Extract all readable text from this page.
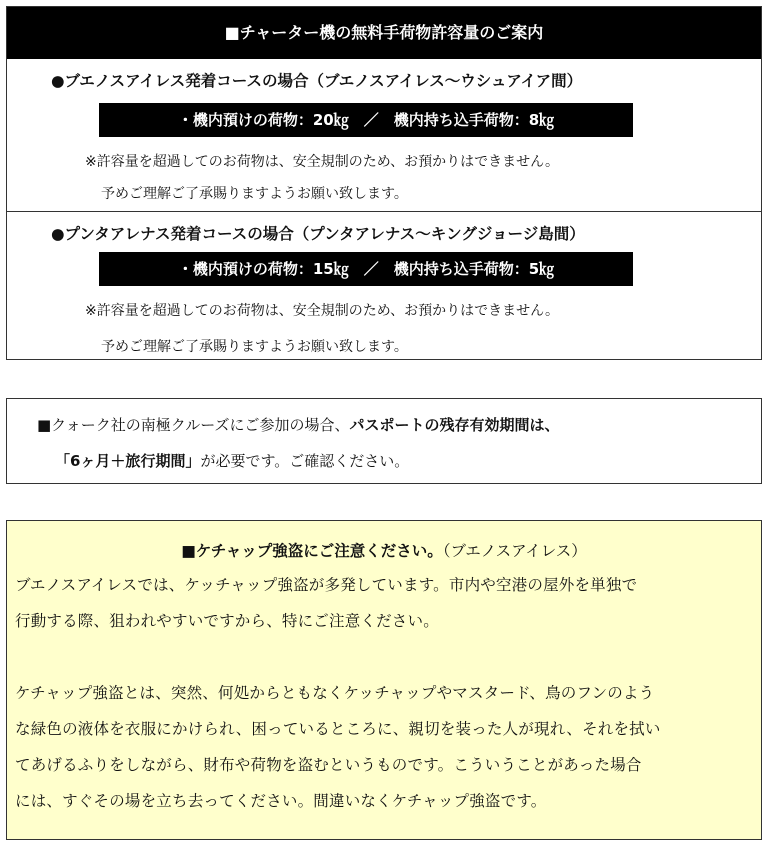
■チャーター機の無料手荷物許容量のご案内
●ブエノスアイレス発着コースの場合（ブエノスアイレス～ウシュアイア間）
・機内預けの荷物：20㎏　／　機内持ち込手荷物：8㎏
※許容量を超過してのお荷物は、安全規制のため、お預かりはできません。
予めご理解ご了承賜りますようお願い致します。
●プンタアレナス発着コースの場合（プンタアレナス～キングジョージ島間）
・機内預けの荷物：15㎏　／　機内持ち込手荷物：5㎏
※許容量を超過してのお荷物は、安全規制のため、お預かりはできません。
予めご理解ご了承賜りますようお願い致します。
■クォーク社の南極クルーズにご参加の場合、パスポートの残存有効期間は、
「6ヶ月＋旅行期間」が必要です。ご確認ください。
■ケチャップ強盗にご注意ください。（ブエノスアイレス）
ブエノスアイレスでは、ケッチャップ強盗が多発しています。市内や空港の屋外を単独で
行動する際、狙われやすいですから、特にご注意ください。
ケチャップ強盗とは、突然、何処からともなくケッチャップやマスタード、鳥のフンのよう
な緑色の液体を衣服にかけられ、困っているところに、親切を装った人が現れ、それを拭い
てあげるふりをしながら、財布や荷物を盗むというものです。こういうことがあった場合
には、すぐその場を立ち去ってください。間違いなくケチャップ強盗です。
